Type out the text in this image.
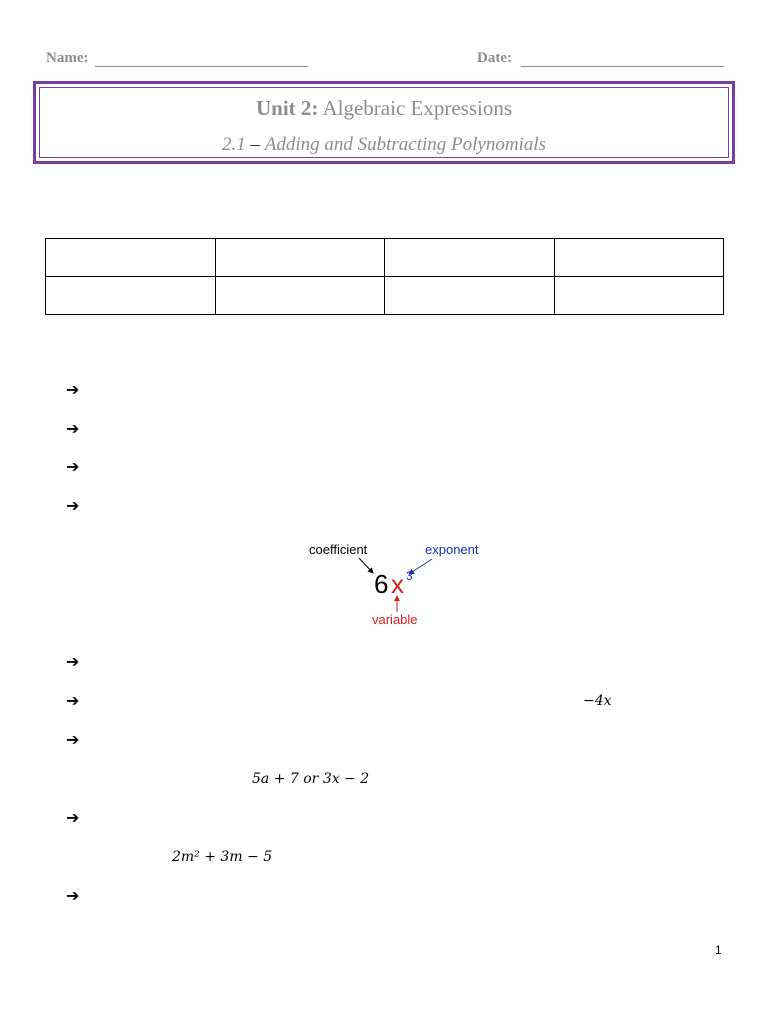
Name:	Date:
Unit 2: Algebraic Expressions
2.1 – Adding and Subtracting Polynomials

➔
➔
➔
➔
coefficient	exponent
6 x 3
variable
➔
➔	−4x
➔
5a + 7 or 3x − 2
➔
2m² + 3m − 5
➔
1
